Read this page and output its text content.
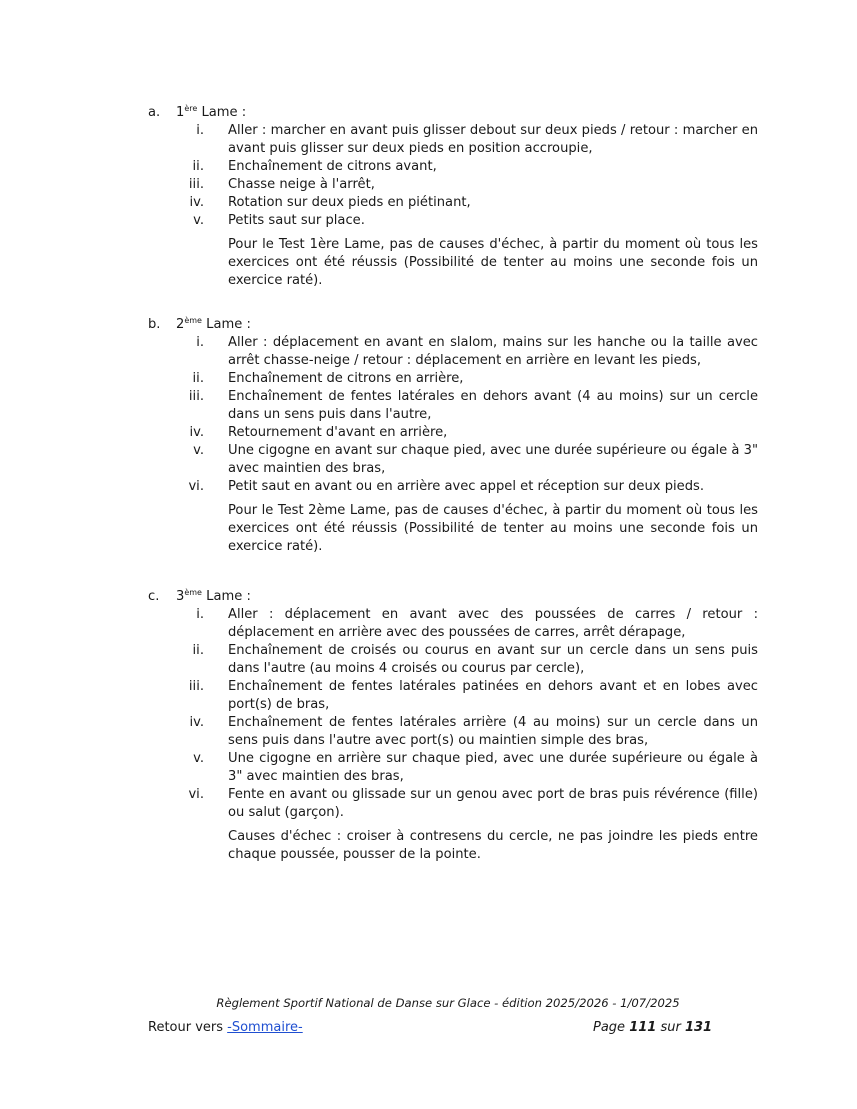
a. 1ère Lame :
i. Aller : marcher en avant puis glisser debout sur deux pieds / retour : marcher en avant puis glisser sur deux pieds en position accroupie,
ii. Enchaînement de citrons avant,
iii. Chasse neige à l'arrêt,
iv. Rotation sur deux pieds en piétinant,
v. Petits saut sur place.
Pour le Test 1ère Lame, pas de causes d'échec, à partir du moment où tous les exercices ont été réussis (Possibilité de tenter au moins une seconde fois un exercice raté).
b. 2ème Lame :
i. Aller : déplacement en avant en slalom, mains sur les hanche ou la taille avec arrêt chasse-neige / retour : déplacement en arrière en levant les pieds,
ii. Enchaînement de citrons en arrière,
iii. Enchaînement de fentes latérales en dehors avant (4 au moins) sur un cercle dans un sens puis dans l'autre,
iv. Retournement d'avant en arrière,
v. Une cigogne en avant sur chaque pied, avec une durée supérieure ou égale à 3" avec maintien des bras,
vi. Petit saut en avant ou en arrière avec appel et réception sur deux pieds.
Pour le Test 2ème Lame, pas de causes d'échec, à partir du moment où tous les exercices ont été réussis (Possibilité de tenter au moins une seconde fois un exercice raté).
c. 3ème Lame :
i. Aller : déplacement en avant avec des poussées de carres / retour : déplacement en arrière avec des poussées de carres, arrêt dérapage,
ii. Enchaînement de croisés ou courus en avant sur un cercle dans un sens puis dans l'autre (au moins 4 croisés ou courus par cercle),
iii. Enchaînement de fentes latérales patinées en dehors avant et en lobes avec port(s) de bras,
iv. Enchaînement de fentes latérales arrière (4 au moins) sur un cercle dans un sens puis dans l'autre avec port(s) ou maintien simple des bras,
v. Une cigogne en arrière sur chaque pied, avec une durée supérieure ou égale à 3" avec maintien des bras,
vi. Fente en avant ou glissade sur un genou avec port de bras puis révérence (fille) ou salut (garçon).
Causes d'échec : croiser à contresens du cercle, ne pas joindre les pieds entre chaque poussée, pousser de la pointe.
Règlement Sportif National de Danse sur Glace - édition 2025/2026 - 1/07/2025
Retour vers -Sommaire-	Page 111 sur 131
